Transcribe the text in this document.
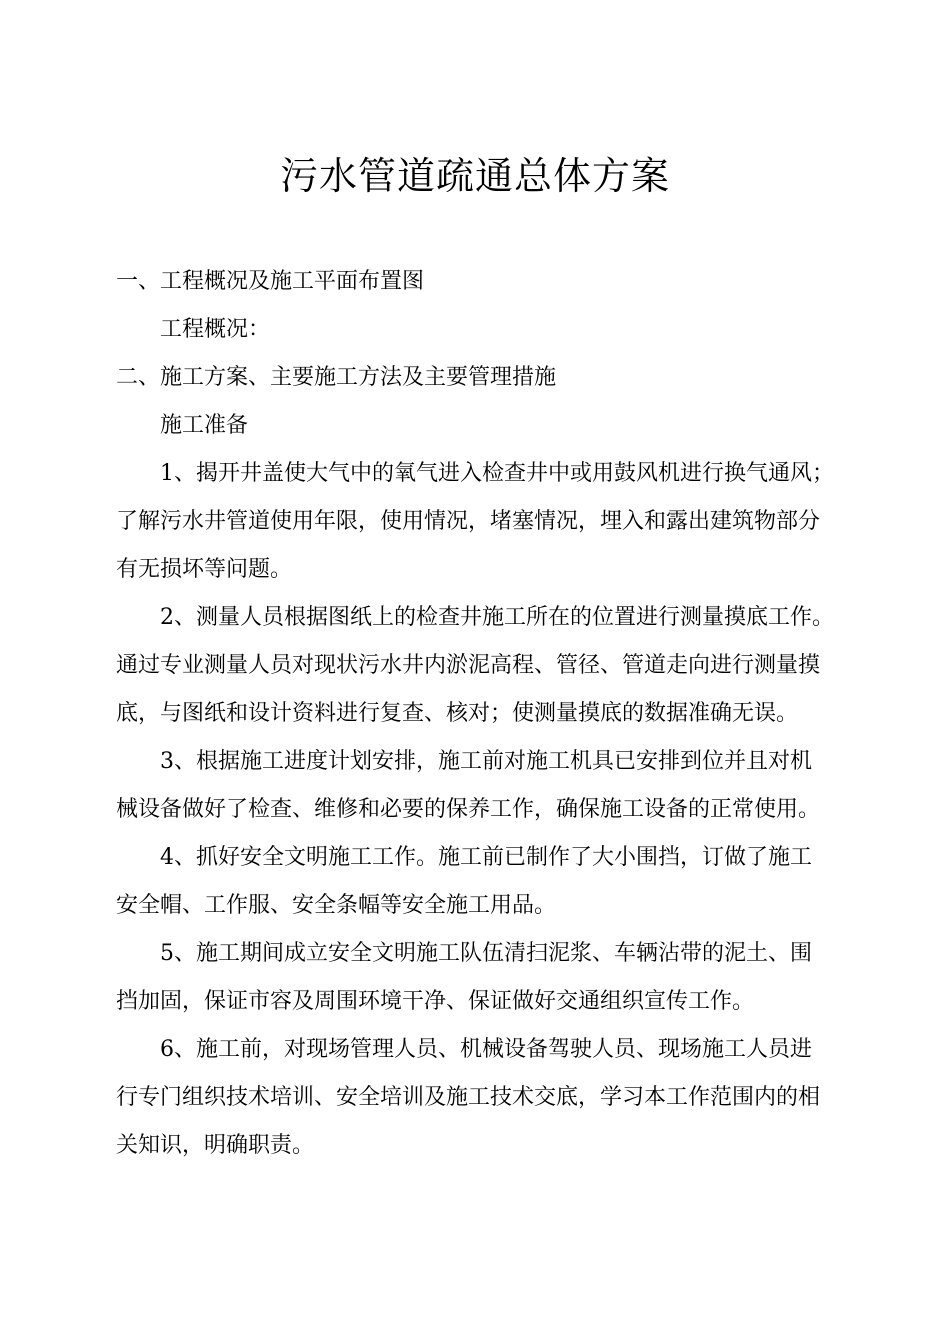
污水管道疏通总体方案

一、工程概况及施工平面布置图

工程概况：

二、施工方案、主要施工方法及主要管理措施

施工准备

1、揭开井盖使大气中的氧气进入检查井中或用鼓风机进行换气通风；
了解污水井管道使用年限，使用情况，堵塞情况，埋入和露出建筑物部分
有无损坏等问题。
2、测量人员根据图纸上的检查井施工所在的位置进行测量摸底工作。
通过专业测量人员对现状污水井内淤泥高程、管径、管道走向进行测量摸
底，与图纸和设计资料进行复查、核对；使测量摸底的数据准确无误。
3、根据施工进度计划安排，施工前对施工机具已安排到位并且对机
械设备做好了检查、维修和必要的保养工作，确保施工设备的正常使用。
4、抓好安全文明施工工作。施工前已制作了大小围挡，订做了施工
安全帽、工作服、安全条幅等安全施工用品。
5、施工期间成立安全文明施工队伍清扫泥浆、车辆沾带的泥土、围
挡加固，保证市容及周围环境干净、保证做好交通组织宣传工作。
6、施工前，对现场管理人员、机械设备驾驶人员、现场施工人员进
行专门组织技术培训、安全培训及施工技术交底，学习本工作范围内的相
关知识，明确职责。
